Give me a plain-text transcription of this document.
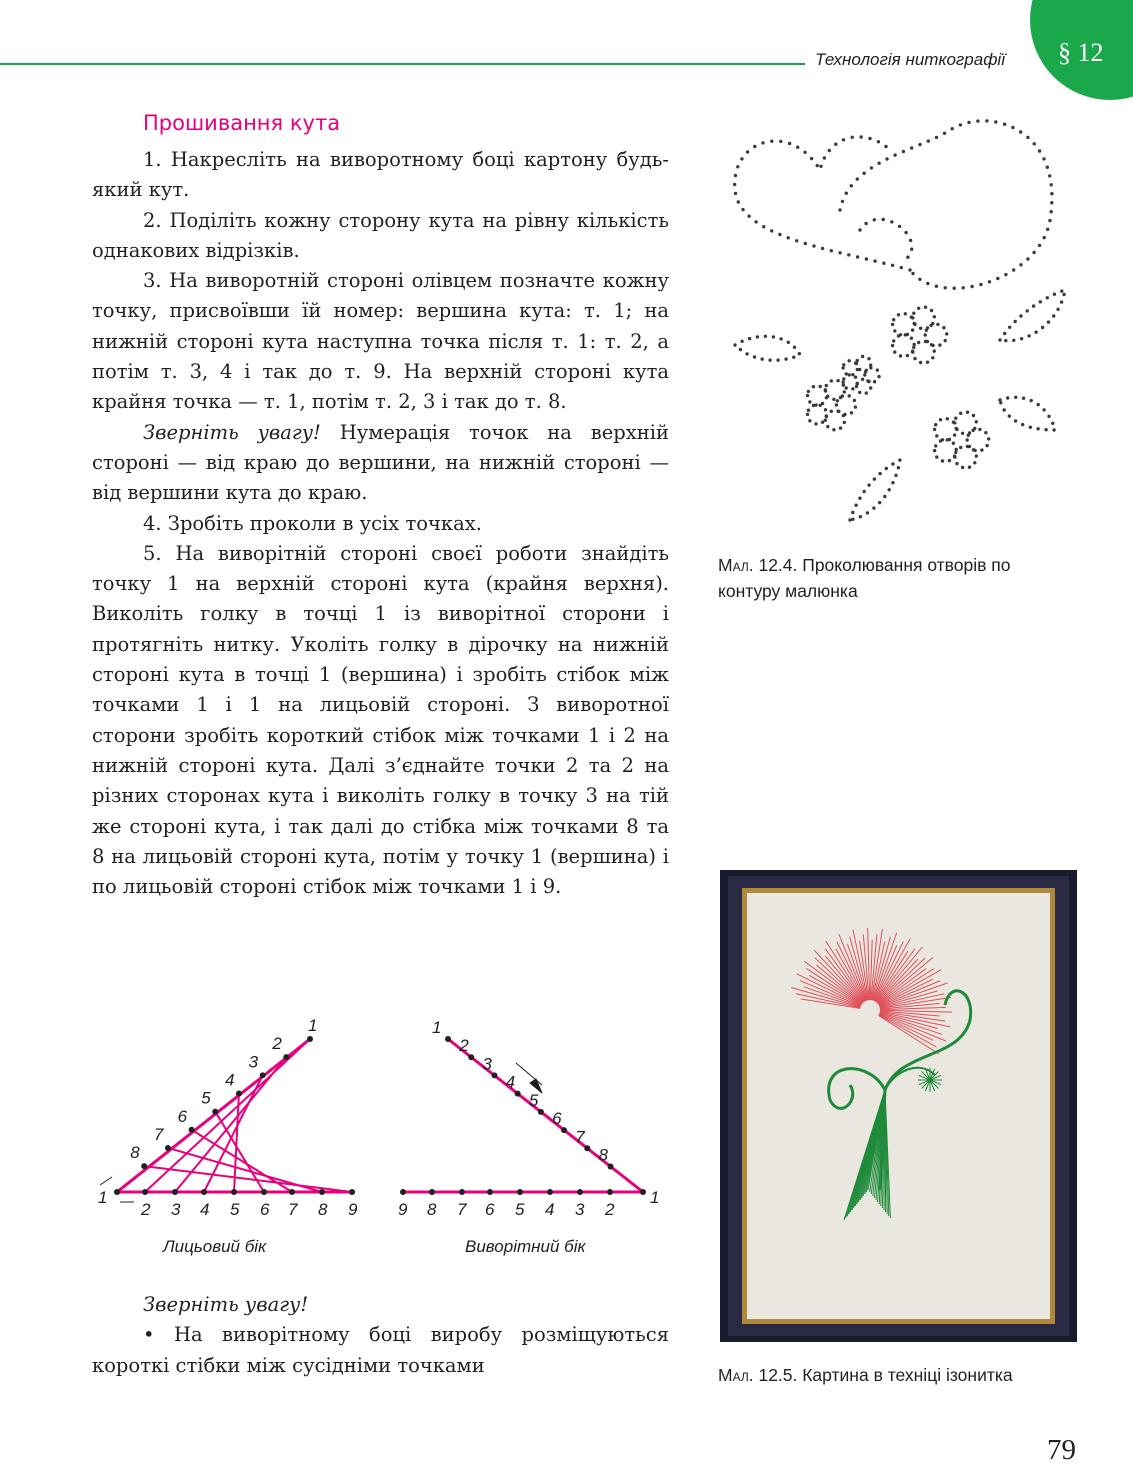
§ 12
Технологія ниткографії
Прошивання кута

1. Накресліть на виворотному боці картону будь-який кут.

2. Поділіть кожну сторону кута на рівну кількість однакових відрізків.

3. На виворотній стороні олівцем позначте кожну точку, присвоївши їй номер: вершина кута: т. 1; на нижній стороні кута наступна точка після т. 1: т. 2, а потім т. 3, 4 і так до т. 9. На верхній стороні кута крайня точка — т. 1, потім т. 2, 3 і так до т. 8.

Зверніть увагу! Нумерація точок на верхній стороні — від краю до вершини, на нижній стороні — від вершини кута до краю.

4. Зробіть проколи в усіх точках.

5. На виворітній стороні своєї роботи знайдіть точку 1 на верхній стороні кута (крайня верхня). Виколіть голку в точці 1 із виворітної сторони і протягніть нитку. Уколіть голку в дірочку на нижній стороні кута в точці 1 (вершина) і зробіть стібок між точками 1 і 1 на лицьовій стороні. З виворотної сторони зробіть короткий стібок між точками 1 і 2 на нижній стороні кута. Далі з’єднайте точки 2 та 2 на різних сторонах кута і виколіть голку в точку 3 на тій же стороні кута, і так далі до стібка між точками 8 та 8 на лицьовій стороні кута, потім у точку 1 (вершина) і по лицьовій стороні стібок між точками 1 і 9.

1
2
3
4
5
6
7
8
1
2 3 4 5 6 7 8 9
1
2
3
4
5
6
7
8
9 8 7 6 5 4 3 2
1
Лицьовий бік	Виворітний бік

Зверніть увагу!

• На виворітному боці виробу розміщуються короткі стібки між сусідніми точками

Мал. 12.4. Проколювання отворів по контуру малюнка
Мал. 12.5. Картина в техніці ізонитка
79
